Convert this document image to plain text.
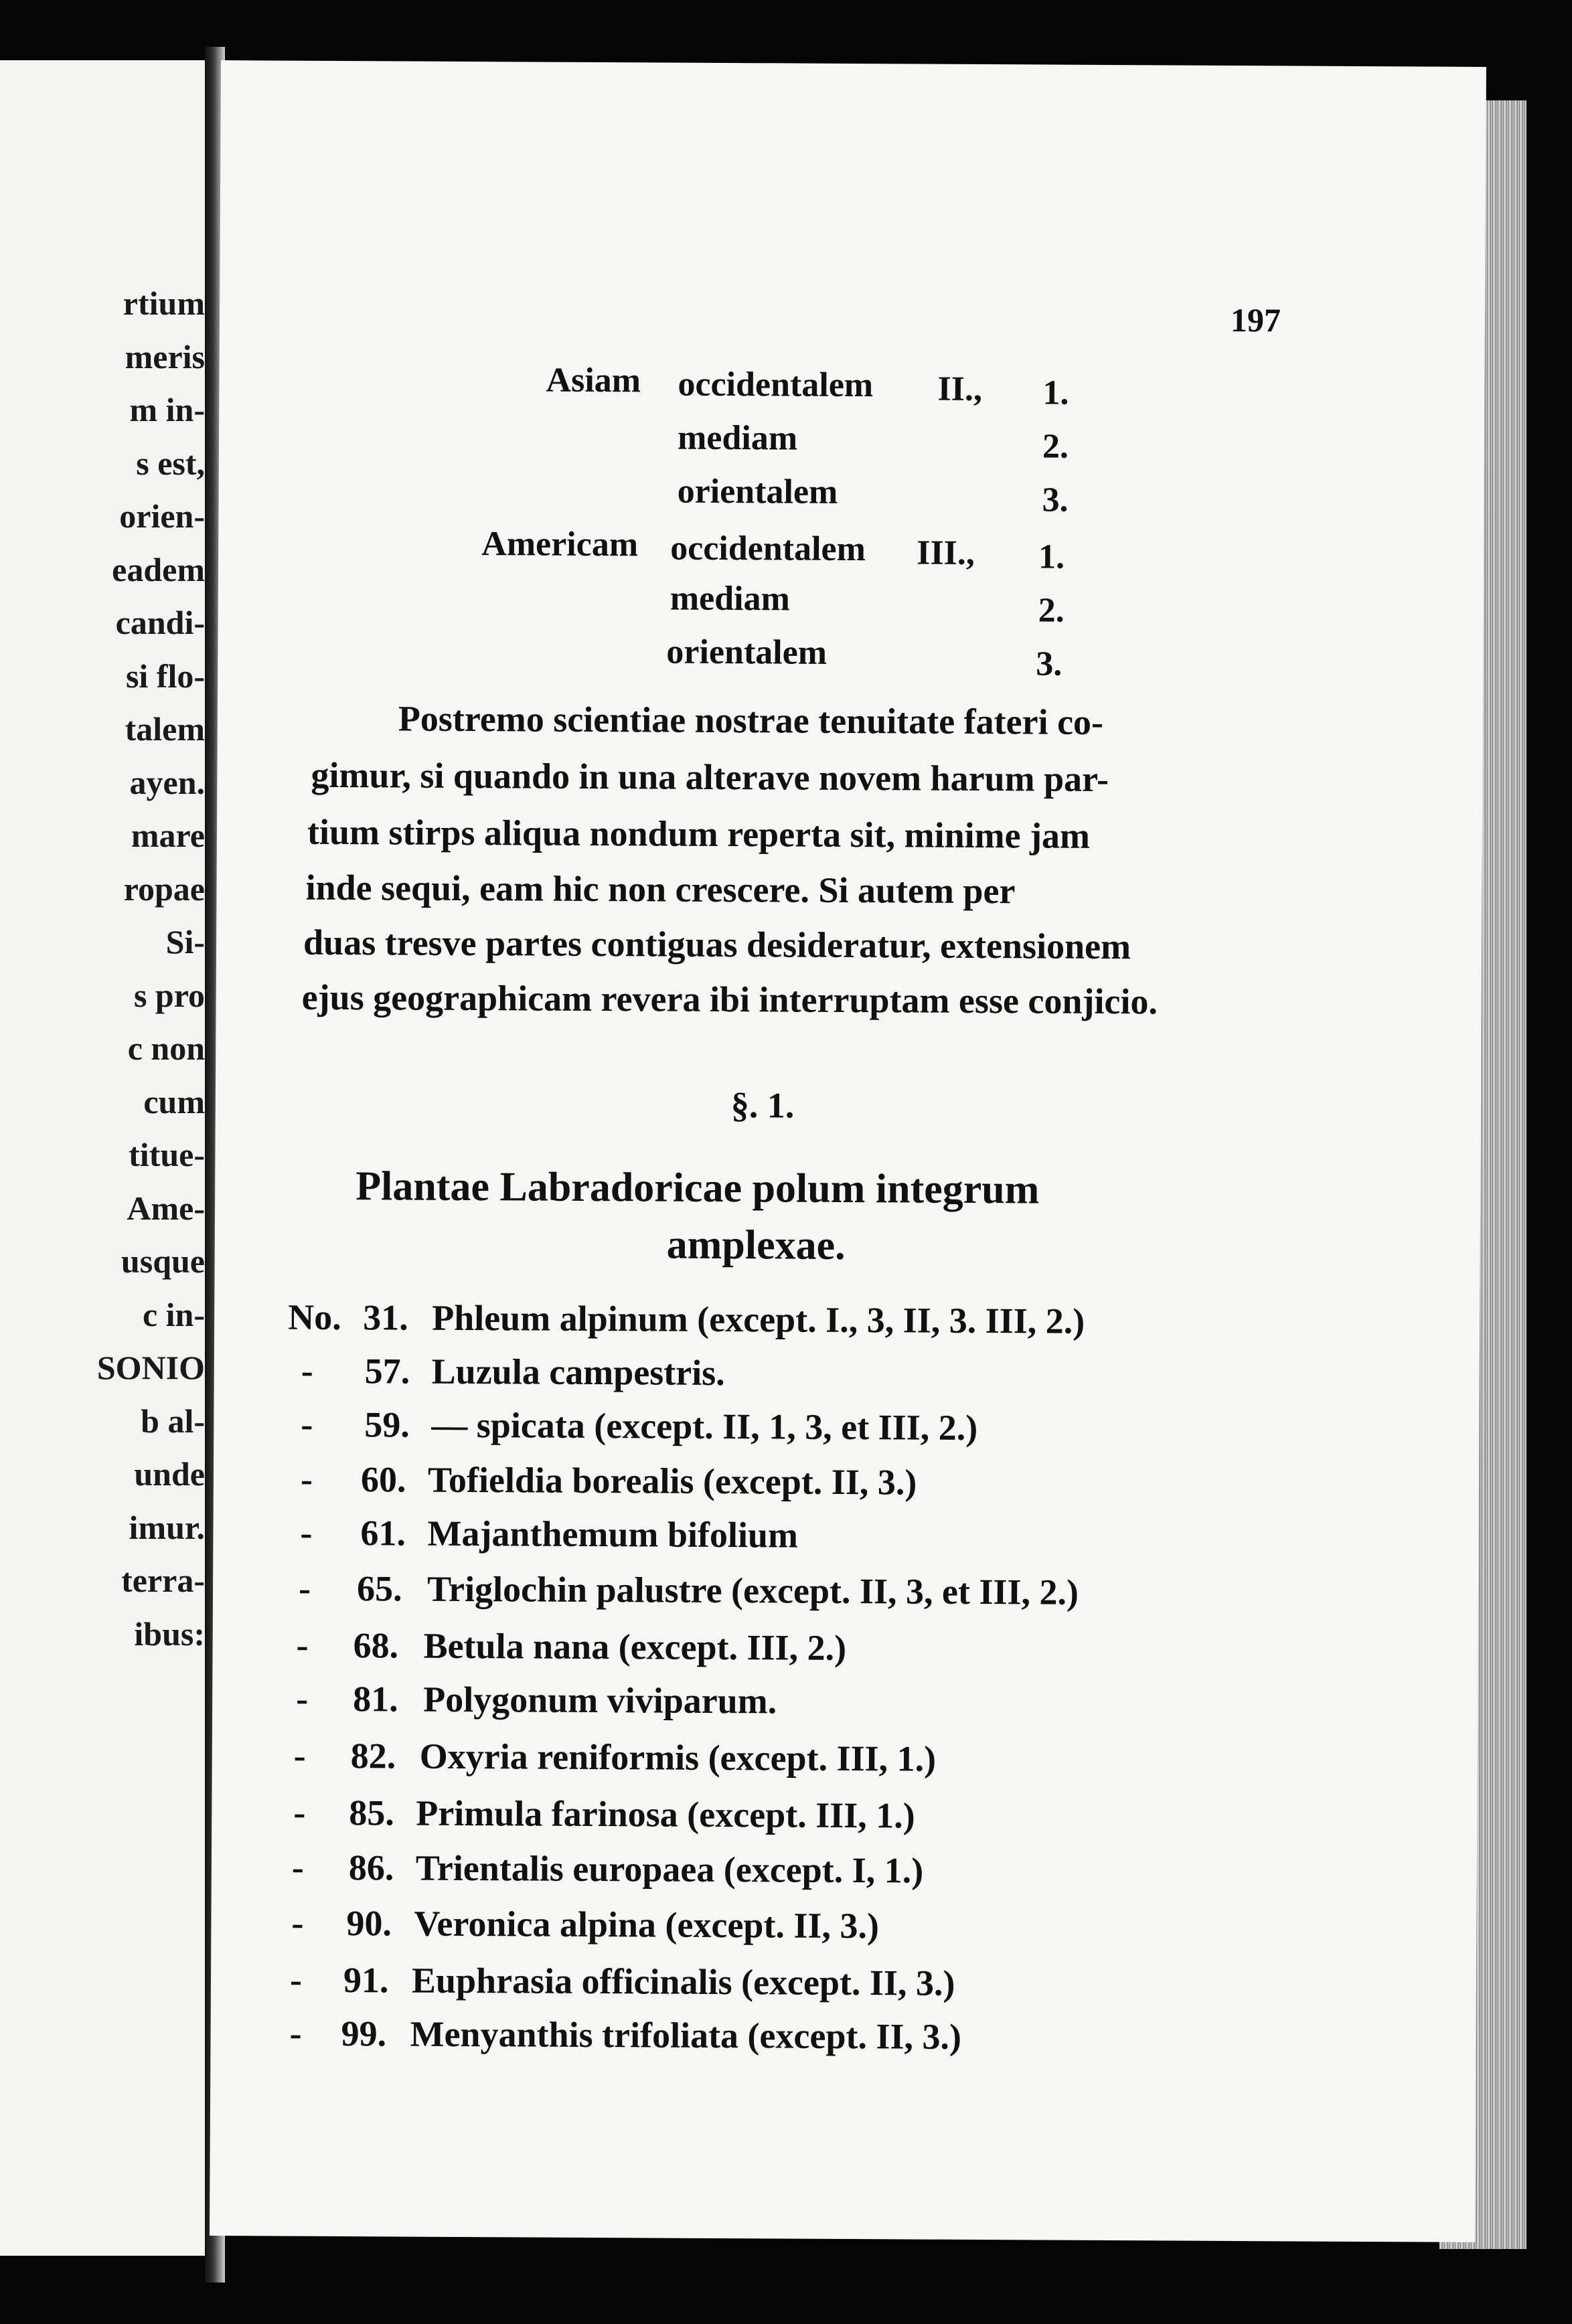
rtium
meris
m in-
s est,
orien-
eadem
candi-
si flo-
talem
ayen.
mare
ropae
Si-
s pro
c non
cum
titue-
Ame-
usque
c in-
SONIO
b al-
unde
imur.
terra-
ibus:
197
Asiam occidentalem II., 1.
mediam	2.
orientalem	3.
Americam occidentalem III., 1.
mediam	2.
orientalem	3.
Postremo scientiae nostrae tenuitate fateri co-
gimur, si quando in una alterave novem harum par-
tium stirps aliqua nondum reperta sit, minime jam
inde sequi, eam hic non crescere. Si autem per
duas tresve partes contiguas desideratur, extensionem
ejus geographicam revera ibi interruptam esse conjicio.
§. 1.
Plantae Labradoricae polum integrum
amplexae.
No. 31. Phleum alpinum (except. I., 3, II, 3. III, 2.)
- 57. Luzula campestris.
- 59. — spicata (except. II, 1, 3, et III, 2.)
- 60. Tofieldia borealis (except. II, 3.)
- 61. Majanthemum bifolium
- 65. Triglochin palustre (except. II, 3, et III, 2.)
- 68. Betula nana (except. III, 2.)
- 81. Polygonum viviparum.
- 82. Oxyria reniformis (except. III, 1.)
- 85. Primula farinosa (except. III, 1.)
- 86. Trientalis europaea (except. I, 1.)
- 90. Veronica alpina (except. II, 3.)
- 91. Euphrasia officinalis (except. II, 3.)
- 99. Menyanthis trifoliata (except. II, 3.)
